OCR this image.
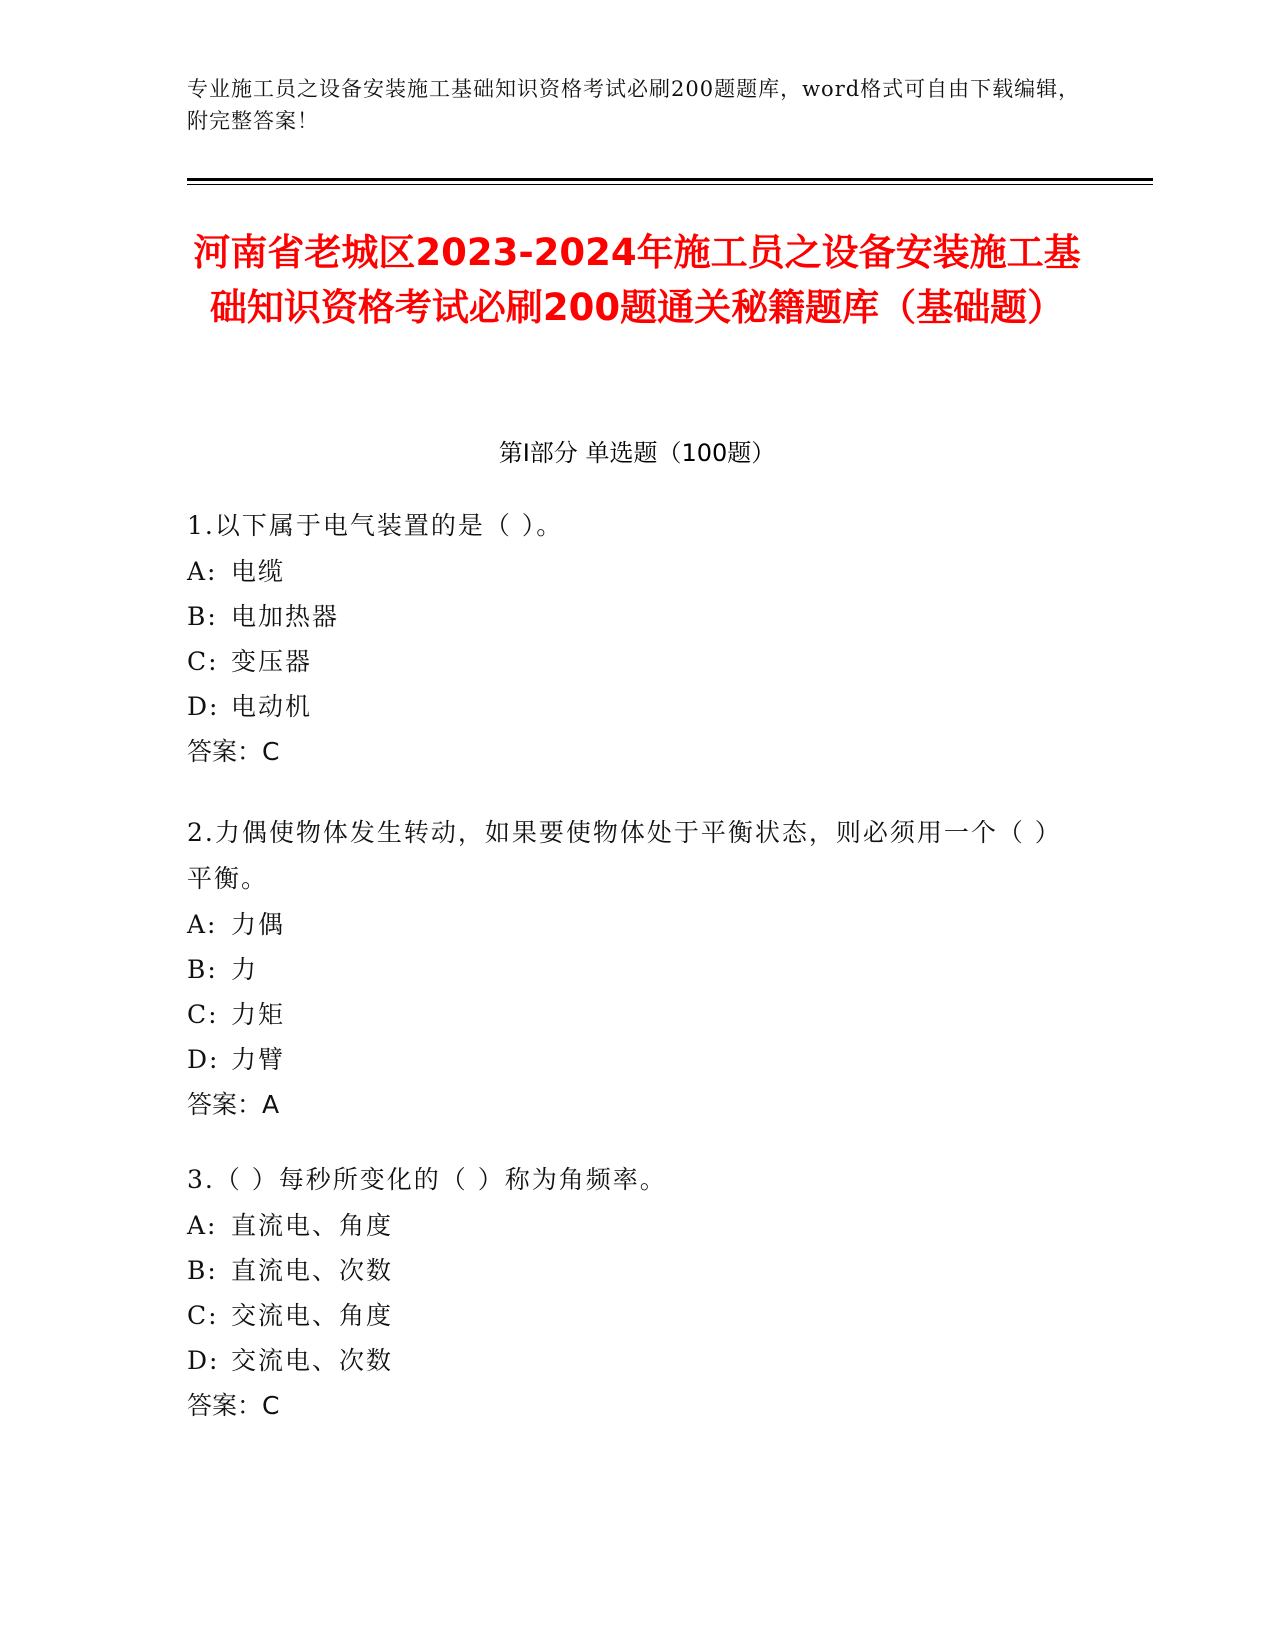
专业施工员之设备安装施工基础知识资格考试必刷200题题库，word格式可自由下载编辑，附完整答案！
河南省老城区2023-2024年施工员之设备安装施工基础知识资格考试必刷200题通关秘籍题库（基础题）
第Ⅰ部分 单选题（100题）
1.以下属于电气装置的是（ ）。
A: 电缆
B: 电加热器
C: 变压器
D: 电动机
答案：C
2.力偶使物体发生转动，如果要使物体处于平衡状态，则必须用一个（ ）平衡。
A: 力偶
B: 力
C: 力矩
D: 力臂
答案：A
3.（ ）每秒所变化的（ ）称为角频率。
A: 直流电、角度
B: 直流电、次数
C: 交流电、角度
D: 交流电、次数
答案：C
